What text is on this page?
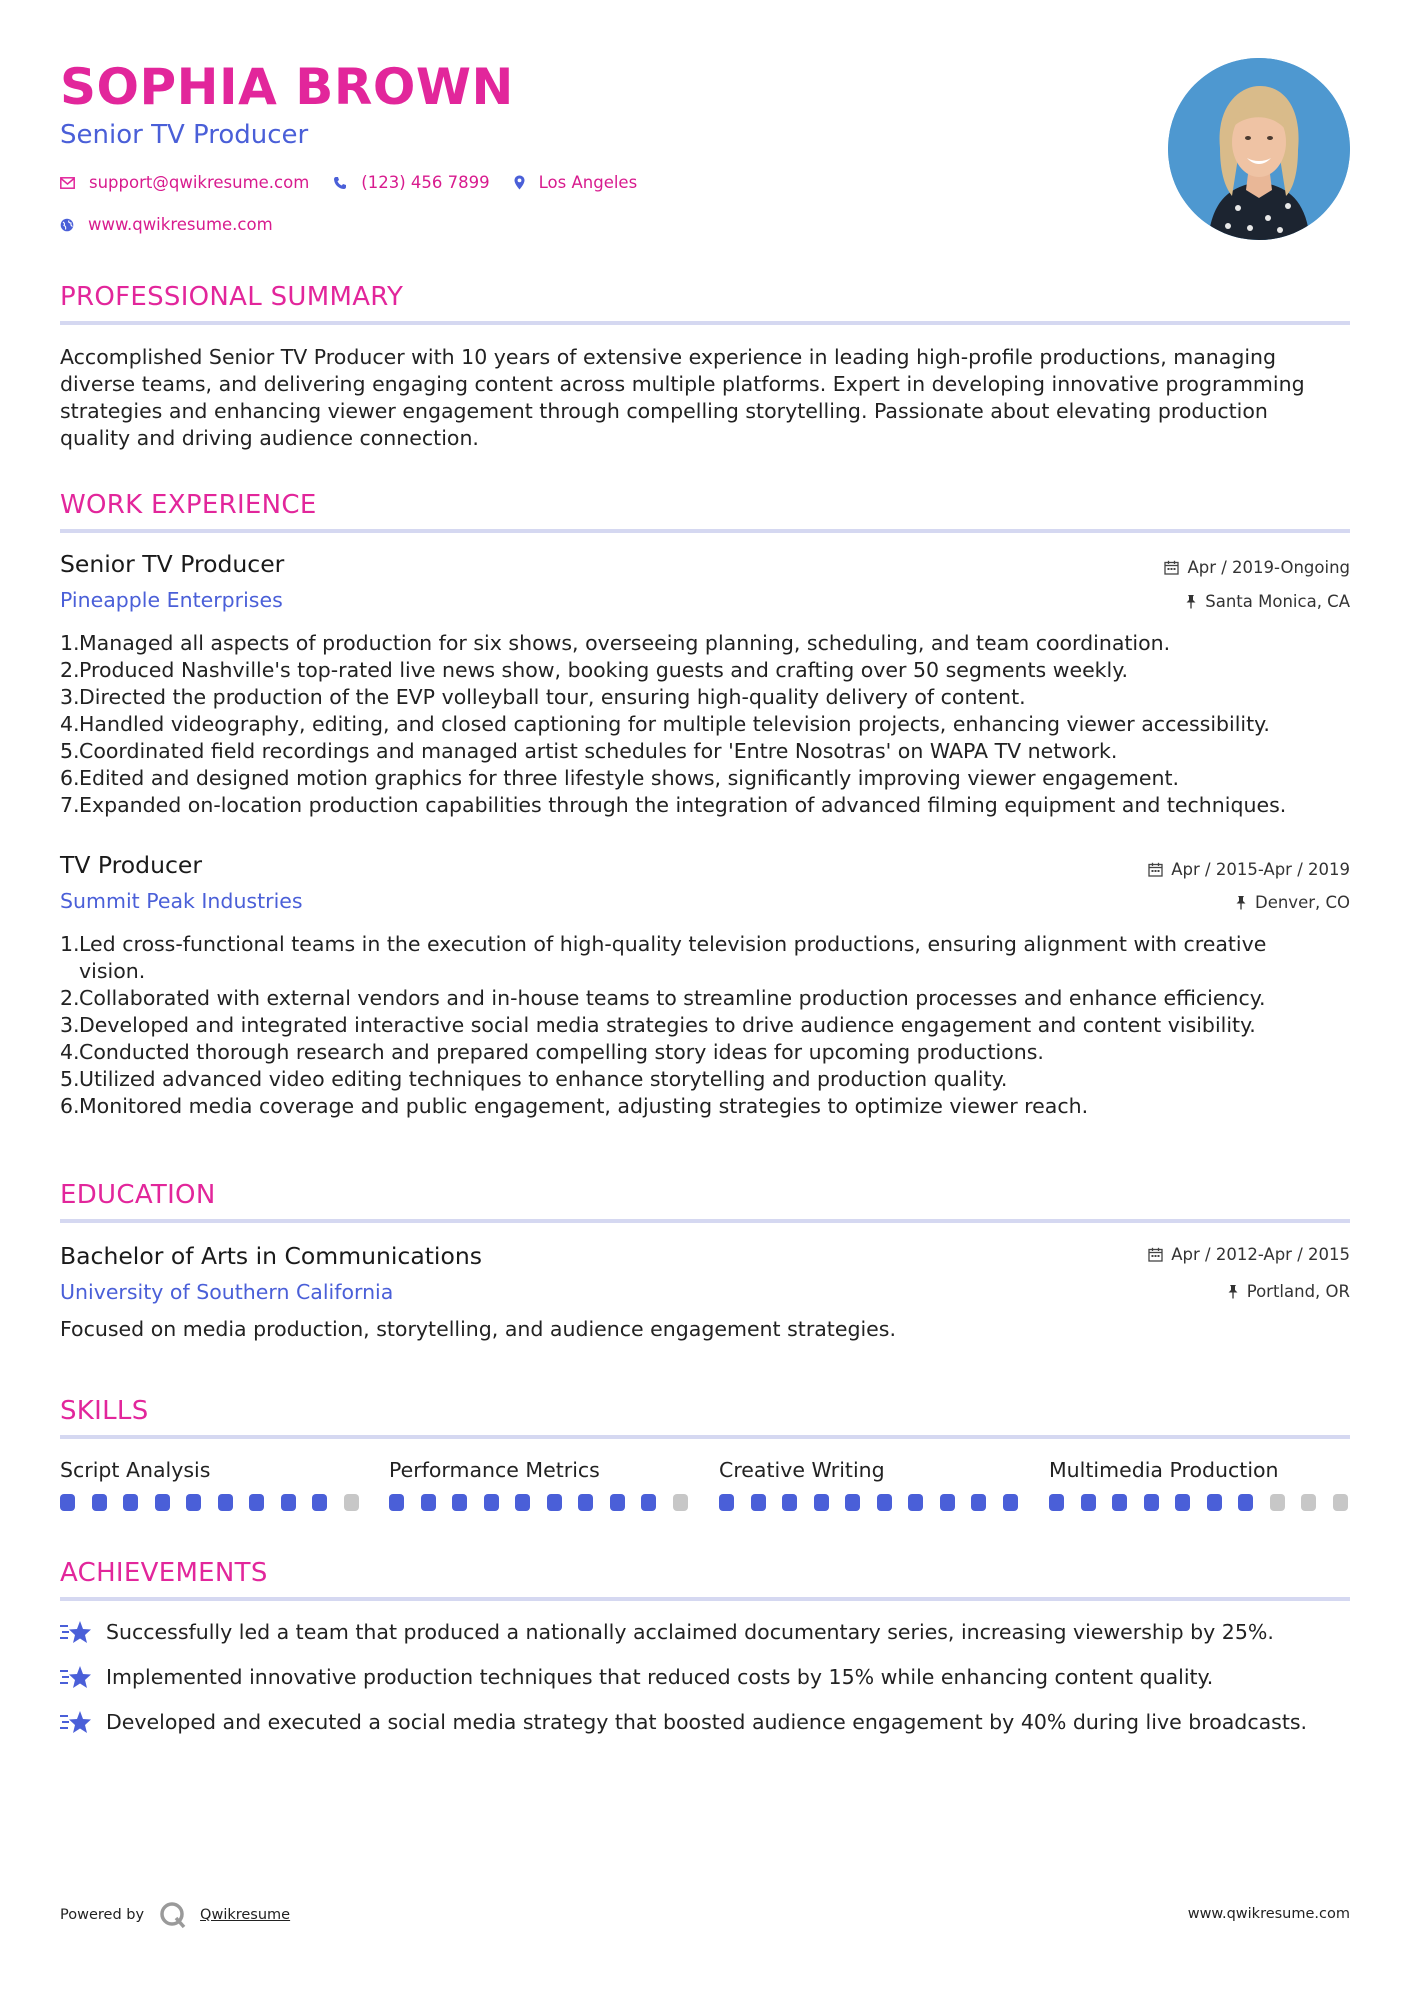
SOPHIA BROWN
Senior TV Producer
support@qwikresume.com	(123) 456 7899	Los Angeles
www.qwikresume.com
PROFESSIONAL SUMMARY
Accomplished Senior TV Producer with 10 years of extensive experience in leading high-profile productions, managing
diverse teams, and delivering engaging content across multiple platforms. Expert in developing innovative programming
strategies and enhancing viewer engagement through compelling storytelling. Passionate about elevating production
quality and driving audience connection.
WORK EXPERIENCE
Senior TV Producer	Apr / 2019-Ongoing
Pineapple Enterprises	Santa Monica, CA
1. Managed all aspects of production for six shows, overseeing planning, scheduling, and team coordination.
2. Produced Nashville's top-rated live news show, booking guests and crafting over 50 segments weekly.
3. Directed the production of the EVP volleyball tour, ensuring high-quality delivery of content.
4. Handled videography, editing, and closed captioning for multiple television projects, enhancing viewer accessibility.
5. Coordinated field recordings and managed artist schedules for 'Entre Nosotras' on WAPA TV network.
6. Edited and designed motion graphics for three lifestyle shows, significantly improving viewer engagement.
7. Expanded on-location production capabilities through the integration of advanced filming equipment and techniques.
TV Producer	Apr / 2015-Apr / 2019
Summit Peak Industries	Denver, CO
1. Led cross-functional teams in the execution of high-quality television productions, ensuring alignment with creative vision.
2. Collaborated with external vendors and in-house teams to streamline production processes and enhance efficiency.
3. Developed and integrated interactive social media strategies to drive audience engagement and content visibility.
4. Conducted thorough research and prepared compelling story ideas for upcoming productions.
5. Utilized advanced video editing techniques to enhance storytelling and production quality.
6. Monitored media coverage and public engagement, adjusting strategies to optimize viewer reach.
EDUCATION
Bachelor of Arts in Communications	Apr / 2012-Apr / 2015
University of Southern California	Portland, OR
Focused on media production, storytelling, and audience engagement strategies.
SKILLS
Script Analysis	Performance Metrics	Creative Writing	Multimedia Production
ACHIEVEMENTS
Successfully led a team that produced a nationally acclaimed documentary series, increasing viewership by 25%.
Implemented innovative production techniques that reduced costs by 15% while enhancing content quality.
Developed and executed a social media strategy that boosted audience engagement by 40% during live broadcasts.
Powered by	Qwikresume	www.qwikresume.com
